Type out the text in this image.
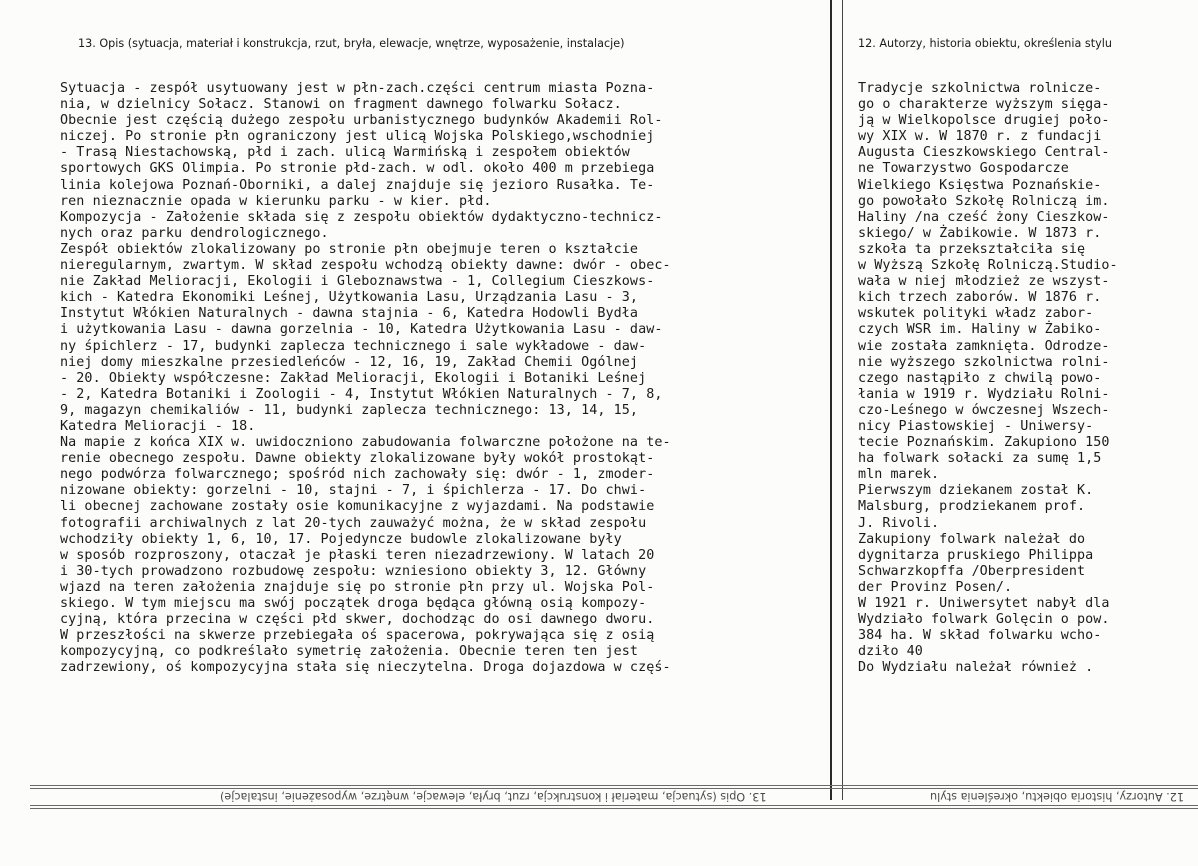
13. Opis (sytuacja, materiał i konstrukcja, rzut, bryła, elewacje, wnętrze, wyposażenie, instalacje)	12. Autorzy, historia obiektu, określenia stylu
Sytuacja - zespół usytuowany jest w płn-zach.części centrum miasta Pozna-
nia, w dzielnicy Sołacz. Stanowi on fragment dawnego folwarku Sołacz.
Obecnie jest częścią dużego zespołu urbanistycznego budynków Akademii Rol-
niczej. Po stronie płn ograniczony jest ulicą Wojska Polskiego,wschodniej
- Trasą Niestachowską, płd i zach. ulicą Warmińską i zespołem obiektów
sportowych GKS Olimpia. Po stronie płd-zach. w odl. około 400 m przebiega
linia kolejowa Poznań-Oborniki, a dalej znajduje się jezioro Rusałka. Te-
ren nieznacznie opada w kierunku parku - w kier. płd.
Kompozycja - Założenie składa się z zespołu obiektów dydaktyczno-technicz-
nych oraz parku dendrologicznego.
Zespół obiektów zlokalizowany po stronie płn obejmuje teren o kształcie
nieregularnym, zwartym. W skład zespołu wchodzą obiekty dawne: dwór - obec-
nie Zakład Melioracji, Ekologii i Gleboznawstwa - 1, Collegium Cieszkows-
kich - Katedra Ekonomiki Leśnej, Użytkowania Lasu, Urządzania Lasu - 3,
Instytut Włókien Naturalnych - dawna stajnia - 6, Katedra Hodowli Bydła
i użytkowania Lasu - dawna gorzelnia - 10, Katedra Użytkowania Lasu - daw-
ny śpichlerz - 17, budynki zaplecza technicznego i sale wykładowe - daw-
niej domy mieszkalne przesiedleńców - 12, 16, 19, Zakład Chemii Ogólnej
- 20. Obiekty współczesne: Zakład Melioracji, Ekologii i Botaniki Leśnej
- 2, Katedra Botaniki i Zoologii - 4, Instytut Włókien Naturalnych - 7, 8,
9, magazyn chemikaliów - 11, budynki zaplecza technicznego: 13, 14, 15,
Katedra Melioracji - 18.
Na mapie z końca XIX w. uwidoczniono zabudowania folwarczne położone na te-
renie obecnego zespołu. Dawne obiekty zlokalizowane były wokół prostokąt-
nego podwórza folwarcznego; spośród nich zachowały się: dwór - 1, zmoder-
nizowane obiekty: gorzelni - 10, stajni - 7, i śpichlerza - 17. Do chwi-
li obecnej zachowane zostały osie komunikacyjne z wyjazdami. Na podstawie
fotografii archiwalnych z lat 20-tych zauważyć można, że w skład zespołu
wchodziły obiekty 1, 6, 10, 17. Pojedyncze budowle zlokalizowane były
w sposób rozproszony, otaczał je płaski teren niezadrzewiony. W latach 20
i 30-tych prowadzono rozbudowę zespołu: wzniesiono obiekty 3, 12. Główny
wjazd na teren założenia znajduje się po stronie płn przy ul. Wojska Pol-
skiego. W tym miejscu ma swój początek droga będąca główną osią kompozy-
cyjną, która przecina w części płd skwer, dochodząc do osi dawnego dworu.
W przeszłości na skwerze przebiegała oś spacerowa, pokrywająca się z osią
kompozycyjną, co podkreślało symetrię założenia. Obecnie teren ten jest
zadrzewiony, oś kompozycyjna stała się nieczytelna. Droga dojazdowa w częś-
Tradycje szkolnictwa rolnicze-
go o charakterze wyższym sięga-
ją w Wielkopolsce drugiej poło-
wy XIX w. W 1870 r. z fundacji
Augusta Cieszkowskiego Central-
ne Towarzystwo Gospodarcze
Wielkiego Księstwa Poznańskie-
go powołało Szkołę Rolniczą im.
Haliny /na cześć żony Cieszkow-
skiego/ w Żabikowie. W 1873 r.
szkoła ta przekształciła się
w Wyższą Szkołę Rolniczą.Studio-
wała w niej młodzież ze wszyst-
kich trzech zaborów. W 1876 r.
wskutek polityki władz zabor-
czych WSR im. Haliny w Żabiko-
wie została zamknięta. Odrodze-
nie wyższego szkolnictwa rolni-
czego nastąpiło z chwilą powo-
łania w 1919 r. Wydziału Rolni-
czo-Leśnego w ówczesnej Wszech-
nicy Piastowskiej - Uniwersy-
tecie Poznańskim. Zakupiono 150
ha folwark sołacki za sumę 1,5
mln marek.
Pierwszym dziekanem został K.
Malsburg, prodziekanem prof.
J. Rivoli.
Zakupiony folwark należał do
dygnitarza pruskiego Philippa
Schwarzkopffa /Oberpresident
der Provinz Posen/.
W 1921 r. Uniwersytet nabył dla
Wydziało folwark Golęcin o pow.
384 ha. W skład folwarku wcho-
dziło 40
Do Wydziału należał również .
13. Opis (sytuacja, materiał i konstrukcja, rzut, bryła, elewacje, wnętrze, wyposażenie, instalacje)	12. Autorzy, historia obiektu, określenia stylu
